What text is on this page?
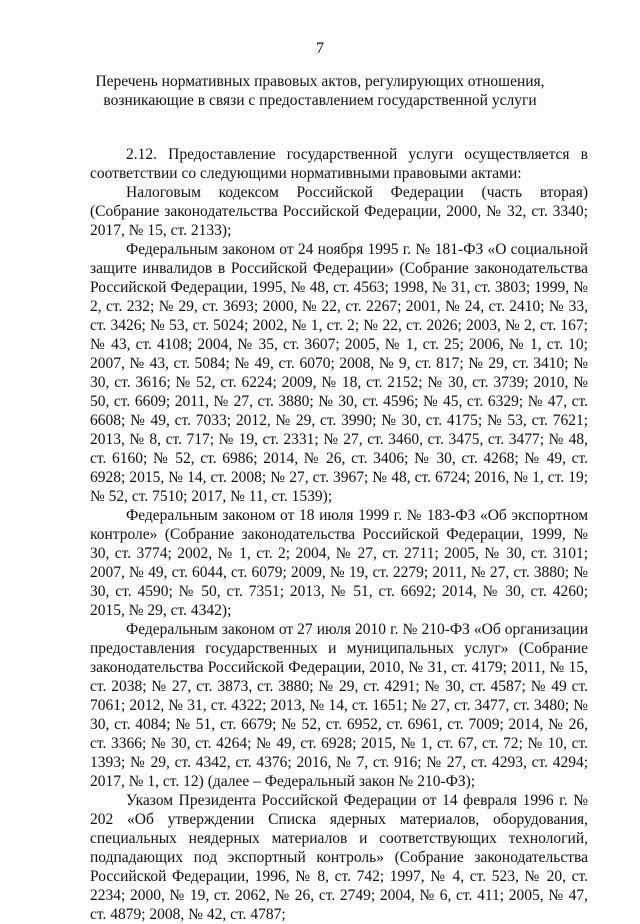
7
Перечень нормативных правовых актов, регулирующих отношения, возникающие в связи с предоставлением государственной услуги

2.12. Предоставление государственной услуги осуществляется в соответствии со следующими нормативными правовыми актами:

Налоговым кодексом Российской Федерации (часть вторая) (Собрание законодательства Российской Федерации, 2000, № 32, ст. 3340; 2017, № 15, ст. 2133);

Федеральным законом от 24 ноября 1995 г. № 181-ФЗ «О социальной защите инвалидов в Российской Федерации» (Собрание законодательства Российской Федерации, 1995, № 48, ст. 4563; 1998, № 31, ст. 3803; 1999, № 2, ст. 232; № 29, ст. 3693; 2000, № 22, ст. 2267; 2001, № 24, ст. 2410; № 33, ст. 3426; № 53, ст. 5024; 2002, № 1, ст. 2; № 22, ст. 2026; 2003, № 2, ст. 167; № 43, ст. 4108; 2004, № 35, ст. 3607; 2005, № 1, ст. 25; 2006, № 1, ст. 10; 2007, № 43, ст. 5084; № 49, ст. 6070; 2008, № 9, ст. 817; № 29, ст. 3410; № 30, ст. 3616; № 52, ст. 6224; 2009, № 18, ст. 2152; № 30, ст. 3739; 2010, № 50, ст. 6609; 2011, № 27, ст. 3880; № 30, ст. 4596; № 45, ст. 6329; № 47, ст. 6608; № 49, ст. 7033; 2012, № 29, ст. 3990; № 30, ст. 4175; № 53, ст. 7621; 2013, № 8, ст. 717; № 19, ст. 2331; № 27, ст. 3460, ст. 3475, ст. 3477; № 48, ст. 6160; № 52, ст. 6986; 2014, № 26, ст. 3406; № 30, ст. 4268; № 49, ст. 6928; 2015, № 14, ст. 2008; № 27, ст. 3967; № 48, ст. 6724; 2016, № 1, ст. 19; № 52, ст. 7510; 2017, № 11, ст. 1539);

Федеральным законом от 18 июля 1999 г. № 183-ФЗ «Об экспортном контроле» (Собрание законодательства Российской Федерации, 1999, № 30, ст. 3774; 2002, № 1, ст. 2; 2004, № 27, ст. 2711; 2005, № 30, ст. 3101; 2007, № 49, ст. 6044, ст. 6079; 2009, № 19, ст. 2279; 2011, № 27, ст. 3880; № 30, ст. 4590; № 50, ст. 7351; 2013, № 51, ст. 6692; 2014, № 30, ст. 4260; 2015, № 29, ст. 4342);

Федеральным законом от 27 июля 2010 г. № 210-ФЗ «Об организации предоставления государственных и муниципальных услуг» (Собрание законодательства Российской Федерации, 2010, № 31, ст. 4179; 2011, № 15, ст. 2038; № 27, ст. 3873, ст. 3880; № 29, ст. 4291; № 30, ст. 4587; № 49 ст. 7061; 2012, № 31, ст. 4322; 2013, № 14, ст. 1651; № 27, ст. 3477, ст. 3480; № 30, ст. 4084; № 51, ст. 6679; № 52, ст. 6952, ст. 6961, ст. 7009; 2014, № 26, ст. 3366; № 30, ст. 4264; № 49, ст. 6928; 2015, № 1, ст. 67, ст. 72; № 10, ст. 1393; № 29, ст. 4342, ст. 4376; 2016, № 7, ст. 916; № 27, ст. 4293, ст. 4294; 2017, № 1, ст. 12) (далее – Федеральный закон № 210-ФЗ);

Указом Президента Российской Федерации от 14 февраля 1996 г. № 202 «Об утверждении Списка ядерных материалов, оборудования, специальных неядерных материалов и соответствующих технологий, подпадающих под экспортный контроль» (Собрание законодательства Российской Федерации, 1996, № 8, ст. 742; 1997, № 4, ст. 523, № 20, ст. 2234; 2000, № 19, ст. 2062, № 26, ст. 2749; 2004, № 6, ст. 411; 2005, № 47, ст. 4879; 2008, № 42, ст. 4787;
